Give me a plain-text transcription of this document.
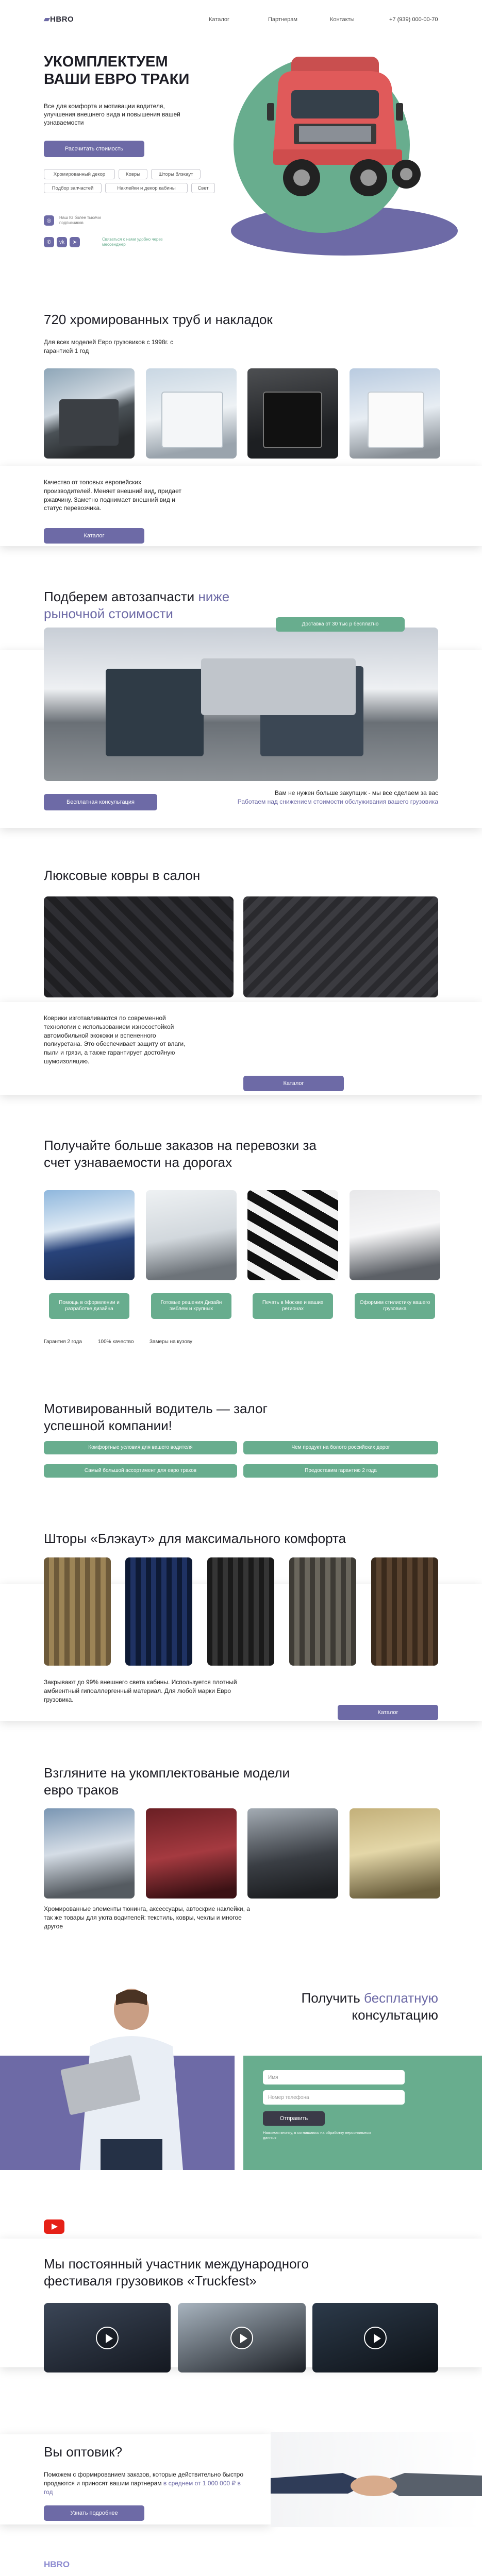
▰HBRO	Каталог	Партнерам	Контакты	+7 (939) 000-00-70
УКОМПЛЕКТУЕМ ВАШИ ЕВРО ТРАКИ
Все для комфорта и мотивации водителя, улучшения внешнего вида и повышения вашей узнаваемости
Рассчитать стоимость
Хромированный декор	Ковры	Шторы блэкаут
Подбор запчастей	Наклейки и декор кабины	Свет
◎	Наш IG более тысячи подписчиков
✆	vk	➤	Связаться с нами удобно через мессенджер
720 хромированных труб и накладок
Для всех моделей Евро грузовиков с 1998г. с гарантией 1 год
Качество от топовых европейских производителей. Меняет внешний вид, придает ржавчину. Заметно поднимает внешний вид и статус перевозчика.
Каталог
Подберем автозапчасти ниже рыночной стоимости
Доставка от 30 тыс р бесплатно
Бесплатная консультация
Вам не нужен больше закупщик - мы все сделаем за вас
Работаем над снижением стоимости обслуживания вашего грузовика
Люксовые ковры в салон
Коврики изготавливаются по современной технологии с использованием износостойкой автомобильной экокожи и вспененного полиуретана. Это обеспечивает защиту от влаги, пыли и грязи, а также гарантирует достойную шумоизоляцию.
Каталог
Получайте больше заказов на перевозки за счет узнаваемости на дорогах
Помощь в оформлении и разработке дизайна
Готовые решения Дизайн эмблем и крупных
Печать в Москве и ваших регионах
Оформим стилистику вашего грузовика
Гарантия 2 года	100% качество	Замеры на кузову
Мотивированный водитель — залог успешной компании!
Комфортные условия для вашего водителя	Чем продукт на болото российских дорог
Самый большой ассортимент для евро траков	Предоставим гарантию 2 года
Шторы «Блэкаут» для максимального комфорта
Закрывают до 99% внешнего света кабины. Используется плотный амбиентный гипоаллергенный материал. Для любой марки Евро грузовика.
Каталог
Взгляните на укомплектованые модели евро траков
Хромированные элементы тюнинга, аксессуары, автоскрие наклейки, а так же товары для уюта водителей: текстиль, ковры, чехлы и многое другое
Получить бесплатную
консультацию
Имя
Номер телефона
Отправить
Нажимая кнопку, я соглашаюсь на обработку персональных данных
Мы постоянный участник международного фестиваля грузовиков «Truckfest»
Вы оптовик?
Поможем с формированием заказов, которые действительно быстро продаются и приносят вашим партнерам в среднем от 1 000 000 ₽ в год
Узнать подробнее
HBRO
